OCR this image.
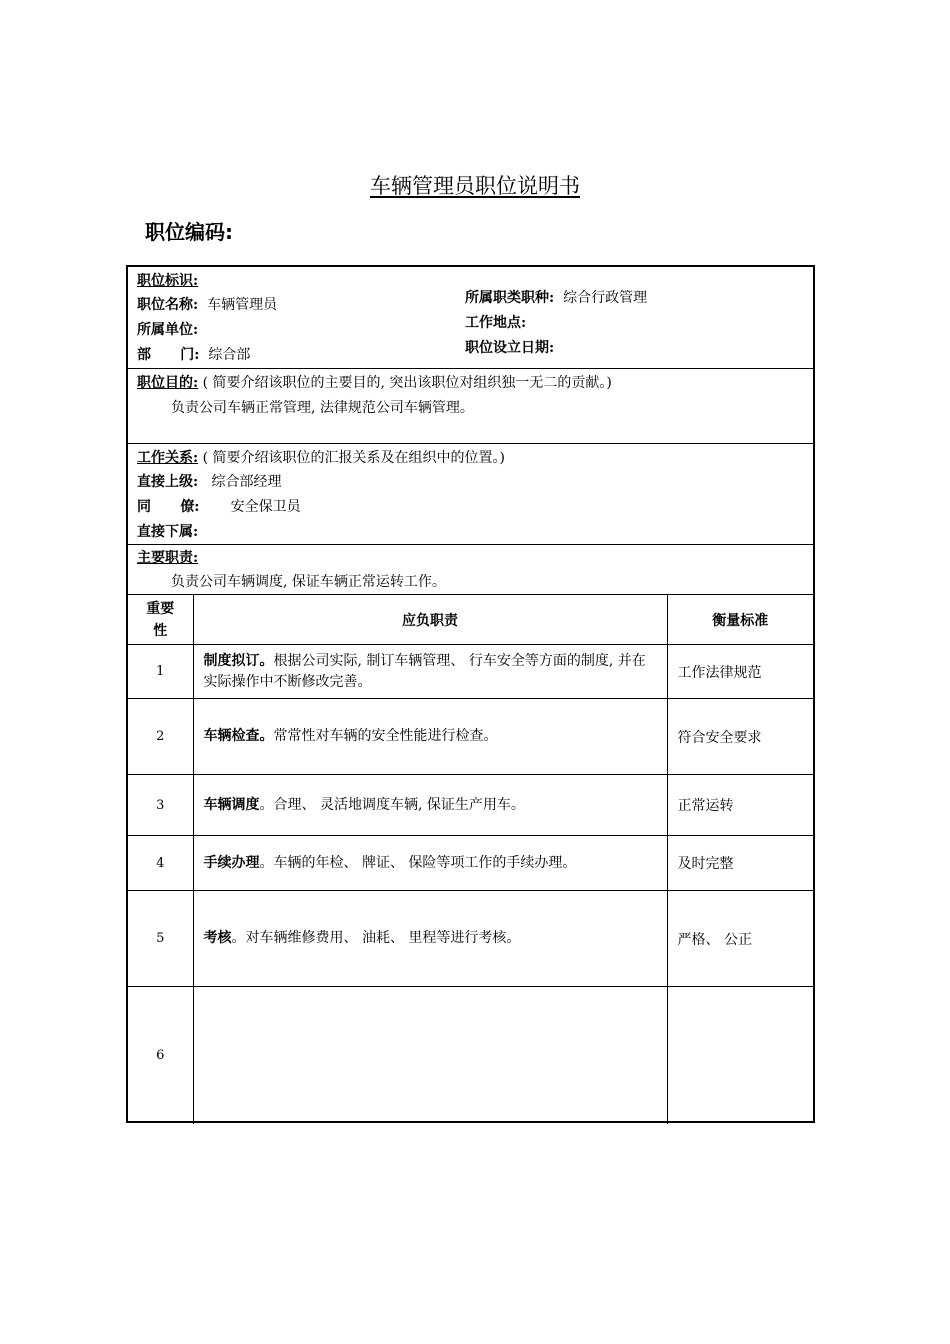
车辆管理员职位说明书
职位编码:
职位标识:
职位名称: 车辆管理员
所属单位:
部      门: 综合部
所属职类职种: 综合行政管理
工作地点:
职位设立日期:
职位目的: ( 简要介绍该职位的主要目的, 突出该职位对组织独一无二的贡献。)
负责公司车辆正常管理, 法律规范公司车辆管理。
工作关系: ( 简要介绍该职位的汇报关系及在组织中的位置。)
直接上级: 综合部经理
同      僚: 安全保卫员
直接下属:
主要职责:
负责公司车辆调度, 保证车辆正常运转工作。
重要
性	应负职责	衡量标准
1	制度拟订。根据公司实际, 制订车辆管理、 行车安全等方面的制度, 并在实际操作中不断修改完善。	工作法律规范
2	车辆检查。常常性对车辆的安全性能进行检查。	符合安全要求
3	车辆调度。合理、 灵活地调度车辆, 保证生产用车。	正常运转
4	手续办理。车辆的年检、 牌证、 保险等项工作的手续办理。	及时完整
5	考核。对车辆维修费用、 油耗、 里程等进行考核。	严格、 公正
6		
